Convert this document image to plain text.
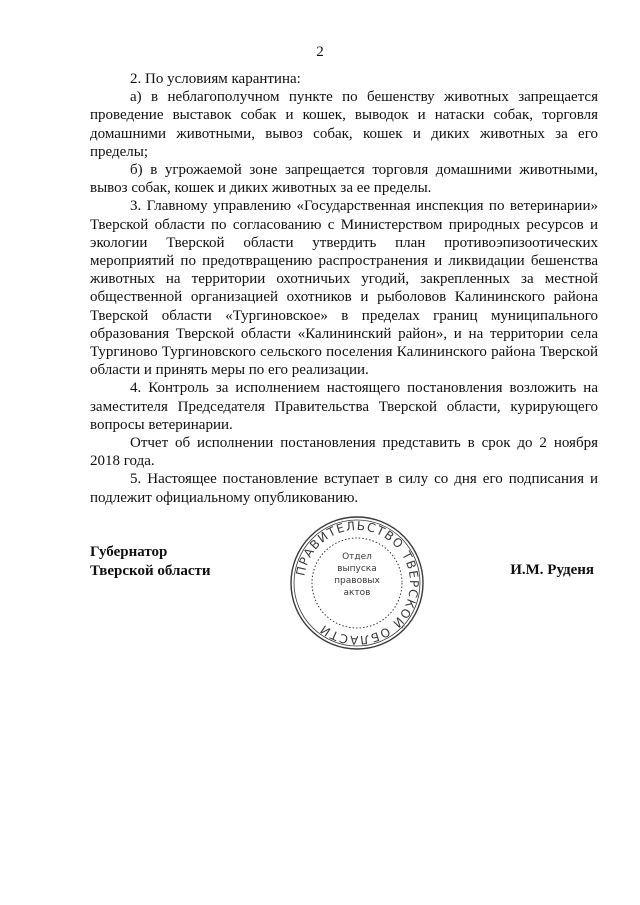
2

2. По условиям карантина:

а) в неблагополучном пункте по бешенству животных запрещается проведение выставок собак и кошек, выводок и натаски собак, торговля домашними животными, вывоз собак, кошек и диких животных за его пределы;

б) в угрожаемой зоне запрещается торговля домашними животными, вывоз собак, кошек и диких животных за ее пределы.

3. Главному управлению «Государственная инспекция по ветеринарии» Тверской области по согласованию с Министерством природных ресурсов и экологии Тверской области утвердить план противоэпизоотических мероприятий по предотвращению распространения и ликвидации бешенства животных на территории охотничьих угодий, закрепленных за местной общественной организацией охотников и рыболовов Калининского района Тверской области «Тургиновское» в пределах границ муниципального образования Тверской области «Калининский район», и на территории села Тургиново Тургиновского сельского поселения Калининского района Тверской области и принять меры по его реализации.

4. Контроль за исполнением настоящего постановления возложить на заместителя Председателя Правительства Тверской области, курирующего вопросы ветеринарии.

Отчет об исполнении постановления представить в срок до 2 ноября 2018 года.

5. Настоящее постановление вступает в силу со дня его подписания и подлежит официальному опубликованию.

Губернатор
Тверской области	И.М. Руденя
ПРАВИТЕЛЬСТВО ТВЕРСКОЙ ОБЛАСТИ
Отдел
выпуска
правовых
актов
